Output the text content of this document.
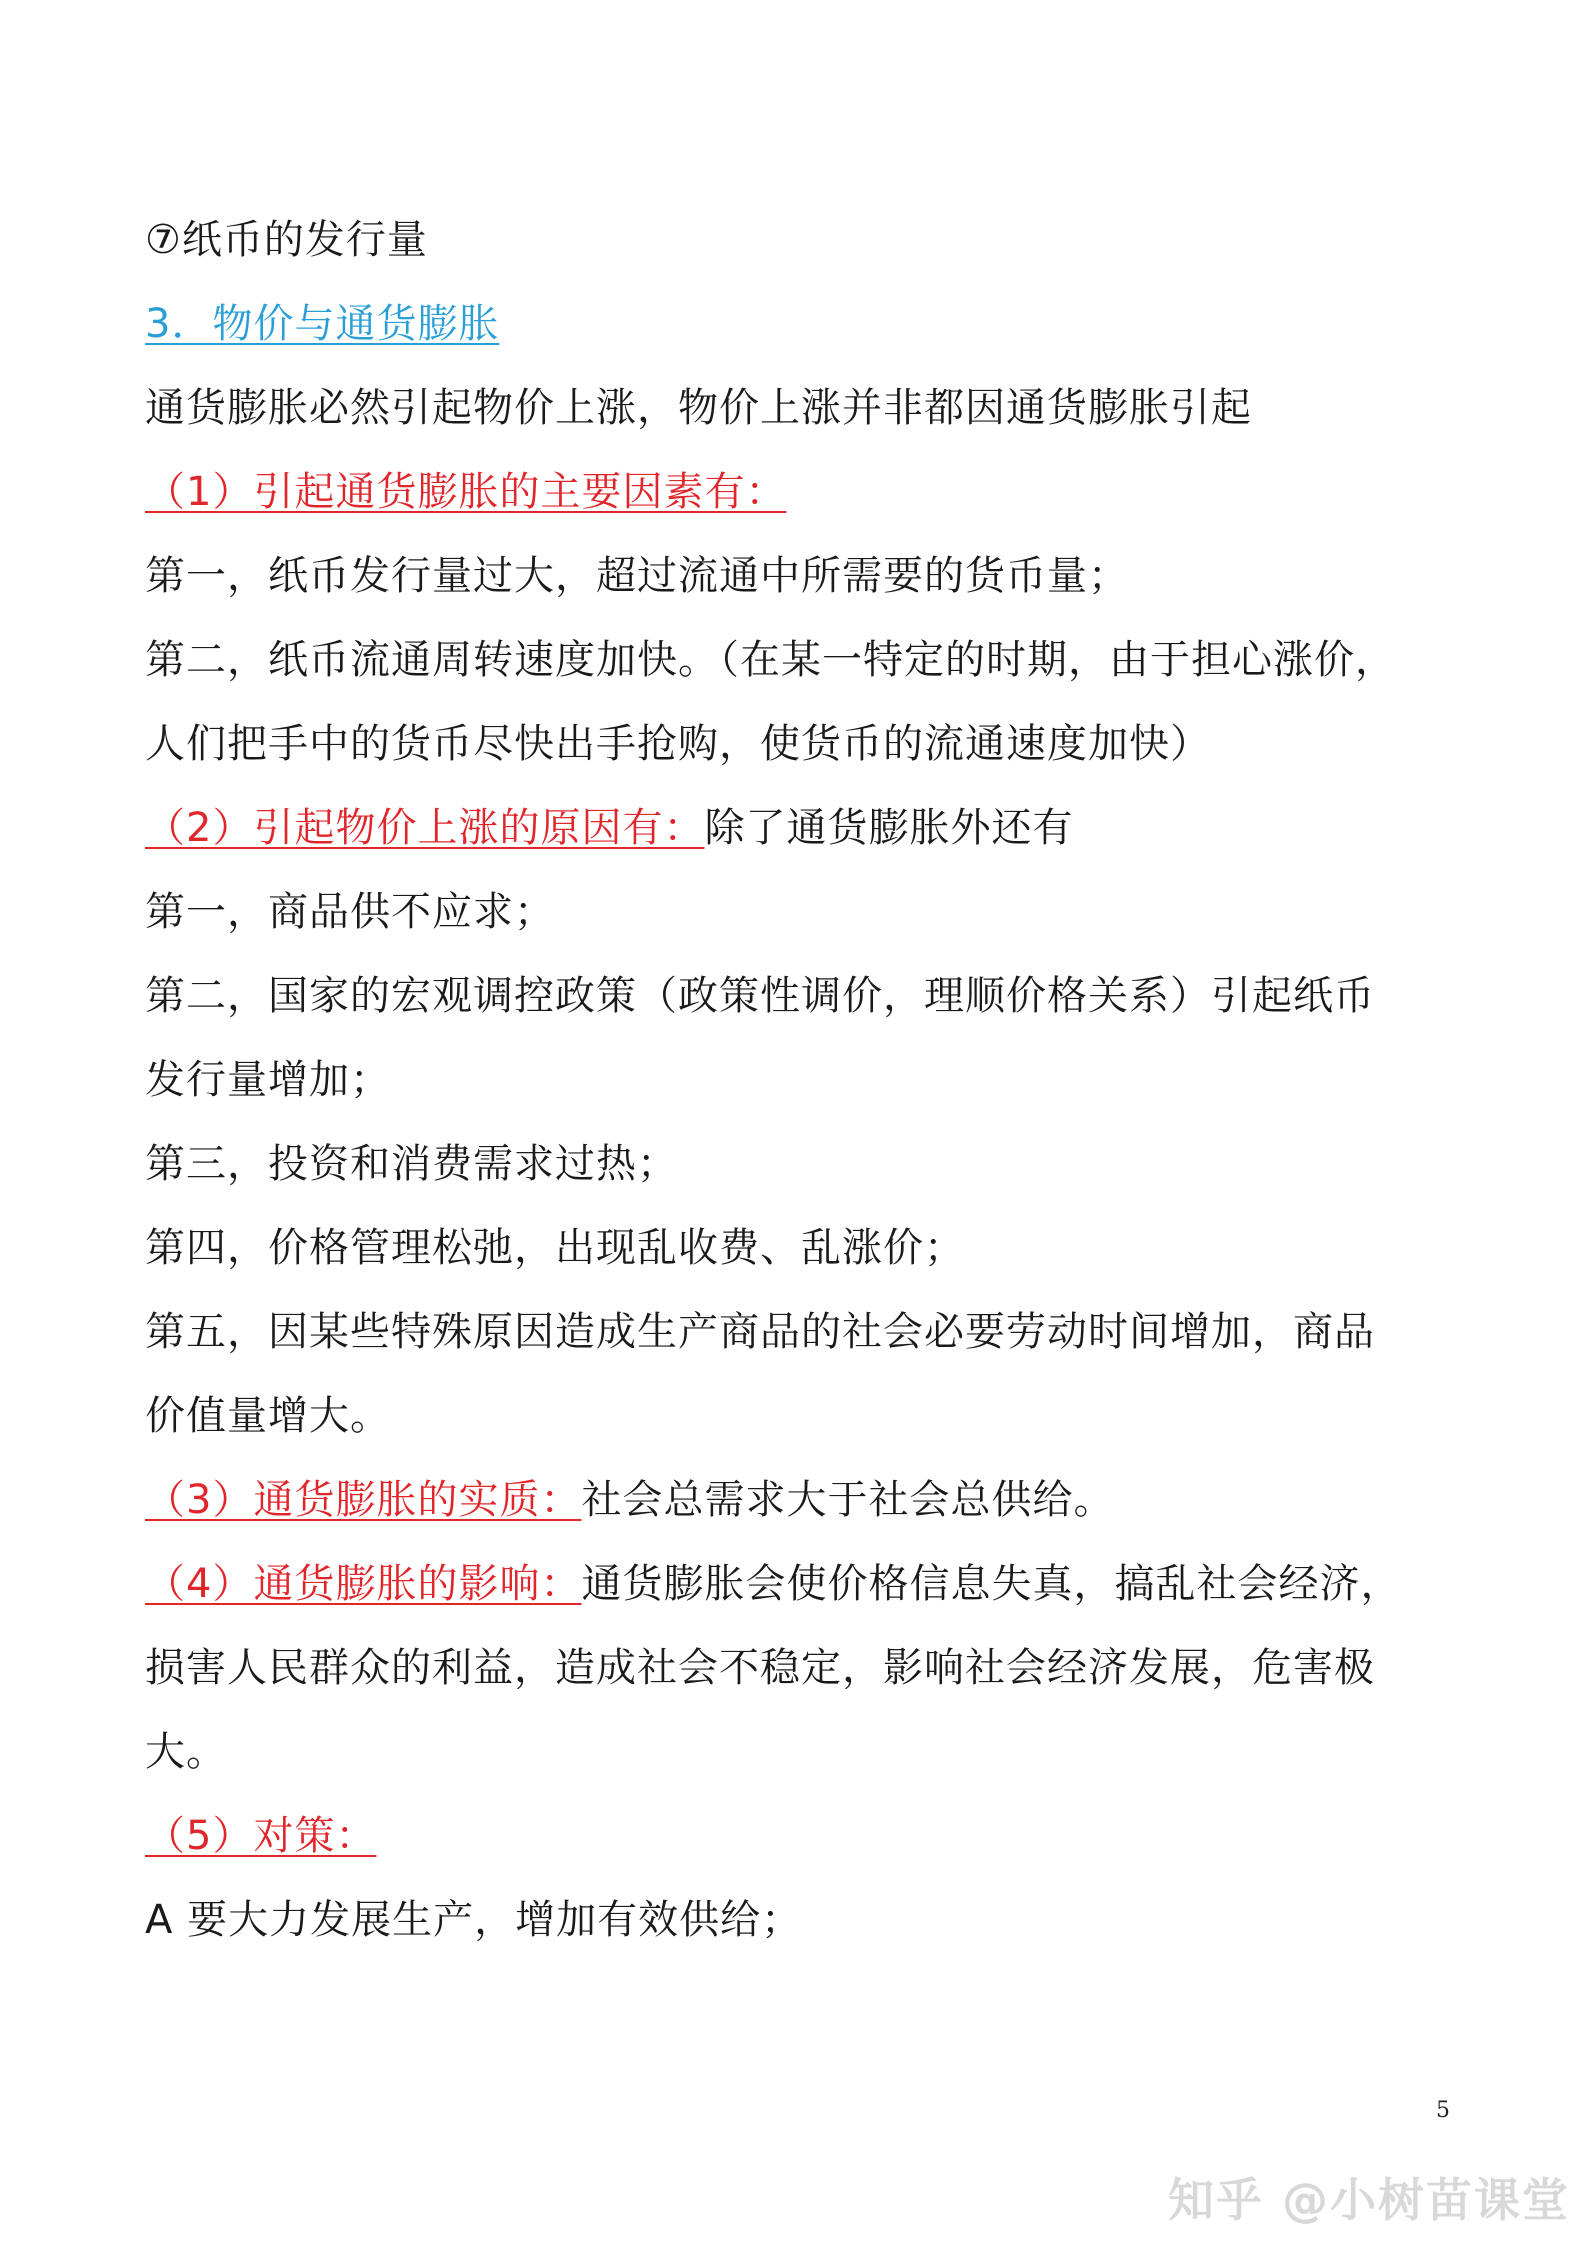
⑦纸币的发行量
3．物价与通货膨胀
通货膨胀必然引起物价上涨，物价上涨并非都因通货膨胀引起
（1）引起通货膨胀的主要因素有：
第一，纸币发行量过大，超过流通中所需要的货币量；
第二，纸币流通周转速度加快。（在某一特定的时期，由于担心涨价，
人们把手中的货币尽快出手抢购，使货币的流通速度加快）
（2）引起物价上涨的原因有：除了通货膨胀外还有
第一，商品供不应求；
第二，国家的宏观调控政策（政策性调价，理顺价格关系）引起纸币
发行量增加；
第三，投资和消费需求过热；
第四，价格管理松弛，出现乱收费、乱涨价；
第五，因某些特殊原因造成生产商品的社会必要劳动时间增加，商品
价值量增大。
（3）通货膨胀的实质：社会总需求大于社会总供给。
（4）通货膨胀的影响：通货膨胀会使价格信息失真，搞乱社会经济，
损害人民群众的利益，造成社会不稳定，影响社会经济发展，危害极
大。
（5）对策：
A 要大力发展生产，增加有效供给；
5
知乎 @小树苗课堂
